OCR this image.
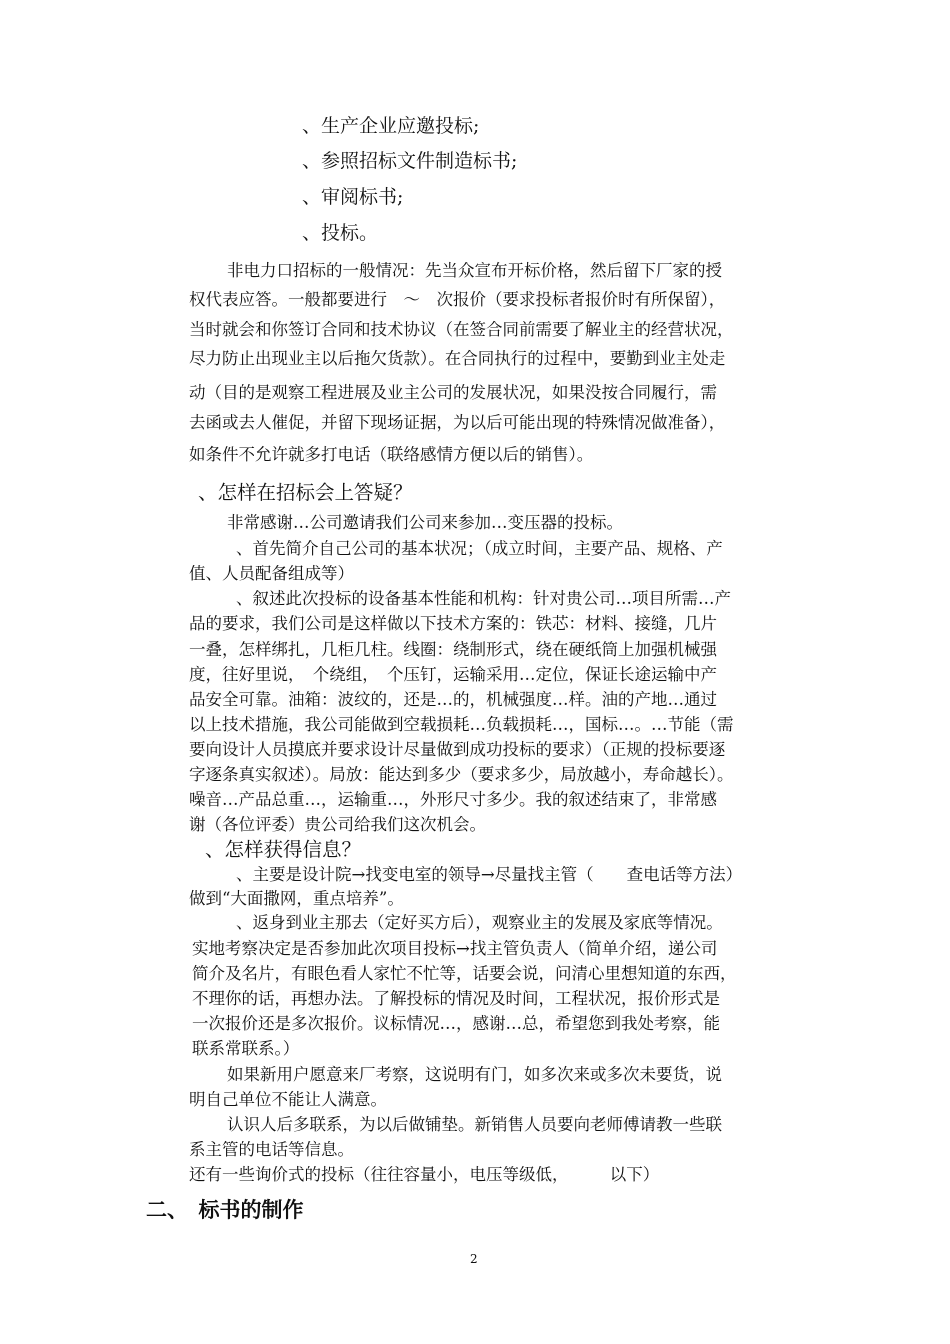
、生产企业应邀投标;
、参照招标文件制造标书;
、审阅标书;
、投标。
非电力口招标的一般情况：先当众宣布开标价格，然后留下厂家的授
权代表应答。一般都要进行　～　次报价（要求投标者报价时有所保留），
当时就会和你签订合同和技术协议（在签合同前需要了解业主的经营状况，
尽力防止出现业主以后拖欠货款）。在合同执行的过程中，要勤到业主处走
动（目的是观察工程进展及业主公司的发展状况，如果没按合同履行，需
去函或去人催促，并留下现场证据，为以后可能出现的特殊情况做准备），
如条件不允许就多打电话（联络感情方便以后的销售）。
、怎样在招标会上答疑？
非常感谢…公司邀请我们公司来参加…变压器的投标。
、首先简介自己公司的基本状况；（成立时间，主要产品、规格、产
值、人员配备组成等）
、叙述此次投标的设备基本性能和机构：针对贵公司…项目所需…产
品的要求，我们公司是这样做以下技术方案的：铁芯：材料、接缝，几片
一叠，怎样绑扎，几柜几柱。线圈：绕制形式，绕在硬纸筒上加强机械强
度，往好里说，　个绕组，　个压钉，运输采用…定位，保证长途运输中产
品安全可靠。油箱：波纹的，还是…的，机械强度…样。油的产地…通过
以上技术措施，我公司能做到空载损耗…负载损耗…，国标…。…节能（需
要向设计人员摸底并要求设计尽量做到成功投标的要求）（正规的投标要逐
字逐条真实叙述）。局放：能达到多少（要求多少，局放越小，寿命越长）。
噪音…产品总重…，运输重…，外形尺寸多少。我的叙述结束了，非常感
谢（各位评委）贵公司给我们这次机会。
、怎样获得信息？
、主要是设计院→找变电室的领导→尽量找主管（　　查电话等方法）
做到“大面撒网，重点培养”。
、返身到业主那去（定好买方后），观察业主的发展及家底等情况。
实地考察决定是否参加此次项目投标→找主管负责人（简单介绍，递公司
简介及名片，有眼色看人家忙不忙等，话要会说，问清心里想知道的东西，
不理你的话，再想办法。了解投标的情况及时间，工程状况，报价形式是
一次报价还是多次报价。议标情况…，感谢…总，希望您到我处考察，能
联系常联系。）
如果新用户愿意来厂考察，这说明有门，如多次来或多次未要货，说
明自己单位不能让人满意。
认识人后多联系，为以后做铺垫。新销售人员要向老师傅请教一些联
系主管的电话等信息。
还有一些询价式的投标（往往容量小，电压等级低，　　　以下）
二、　标书的制作
2
